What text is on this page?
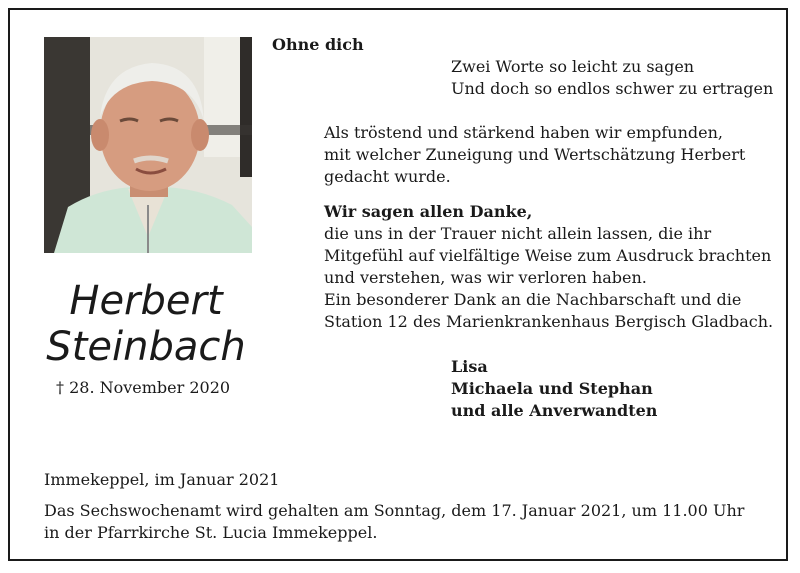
Herbert
Steinbach
† 28. November 2020
Ohne dich
Zwei Worte so leicht zu sagen
Und doch so endlos schwer zu ertragen
Als tröstend und stärkend haben wir empfunden,
mit welcher Zuneigung und Wertschätzung Herbert
gedacht wurde.
Wir sagen allen Danke,
die uns in der Trauer nicht allein lassen, die ihr
Mitgefühl auf vielfältige Weise zum Ausdruck brachten
und verstehen, was wir verloren haben.
Ein besonderer Dank an die Nachbarschaft und die
Station 12 des Marienkrankenhaus Bergisch Gladbach.
Lisa
Michaela und Stephan
und alle Anverwandten
Immekeppel, im Januar 2021
Das Sechswochenamt wird gehalten am Sonntag, dem 17. Januar 2021, um 11.00 Uhr in der Pfarrkirche St. Lucia Immekeppel.
